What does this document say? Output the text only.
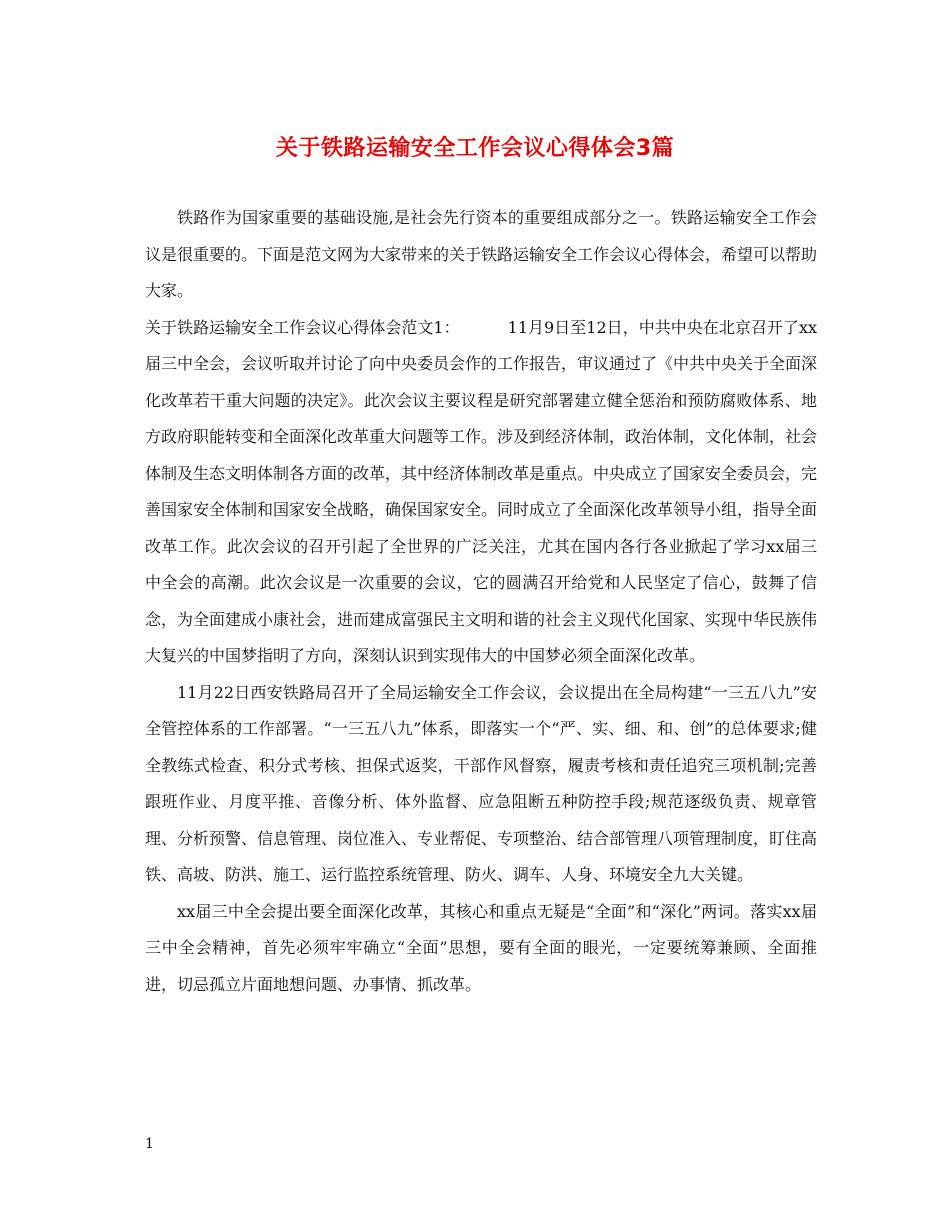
关于铁路运输安全工作会议心得体会3篇

铁路作为国家重要的基础设施,是社会先行资本的重要组成部分之一。铁路运输安全工作会议是很重要的。下面是范文网为大家带来的关于铁路运输安全工作会议心得体会，希望可以帮助大家。

关于铁路运输安全工作会议心得体会范文1：	11月9日至12日，中共中央在北京召开了xx届三中全会，会议听取并讨论了向中央委员会作的工作报告，审议通过了《中共中央关于全面深化改革若干重大问题的决定》。此次会议主要议程是研究部署建立健全惩治和预防腐败体系、地方政府职能转变和全面深化改革重大问题等工作。涉及到经济体制，政治体制，文化体制，社会体制及生态文明体制各方面的改革，其中经济体制改革是重点。中央成立了国家安全委员会，完善国家安全体制和国家安全战略，确保国家安全。同时成立了全面深化改革领导小组，指导全面改革工作。此次会议的召开引起了全世界的广泛关注，尤其在国内各行各业掀起了学习xx届三中全会的高潮。此次会议是一次重要的会议，它的圆满召开给党和人民坚定了信心，鼓舞了信念，为全面建成小康社会，进而建成富强民主文明和谐的社会主义现代化国家、实现中华民族伟大复兴的中国梦指明了方向，深刻认识到实现伟大的中国梦必须全面深化改革。

11月22日西安铁路局召开了全局运输安全工作会议，会议提出在全局构建“一三五八九”安全管控体系的工作部署。“一三五八九”体系，即落实一个“严、实、细、和、创”的总体要求;健全教练式检查、积分式考核、担保式返奖，干部作风督察，履责考核和责任追究三项机制;完善跟班作业、月度平推、音像分析、体外监督、应急阻断五种防控手段;规范逐级负责、规章管理、分析预警、信息管理、岗位准入、专业帮促、专项整治、结合部管理八项管理制度，盯住高铁、高坡、防洪、施工、运行监控系统管理、防火、调车、人身、环境安全九大关键。

xx届三中全会提出要全面深化改革，其核心和重点无疑是“全面”和“深化”两词。落实xx届三中全会精神，首先必须牢牢确立“全面”思想，要有全面的眼光，一定要统筹兼顾、全面推进，切忌孤立片面地想问题、办事情、抓改革。

1
